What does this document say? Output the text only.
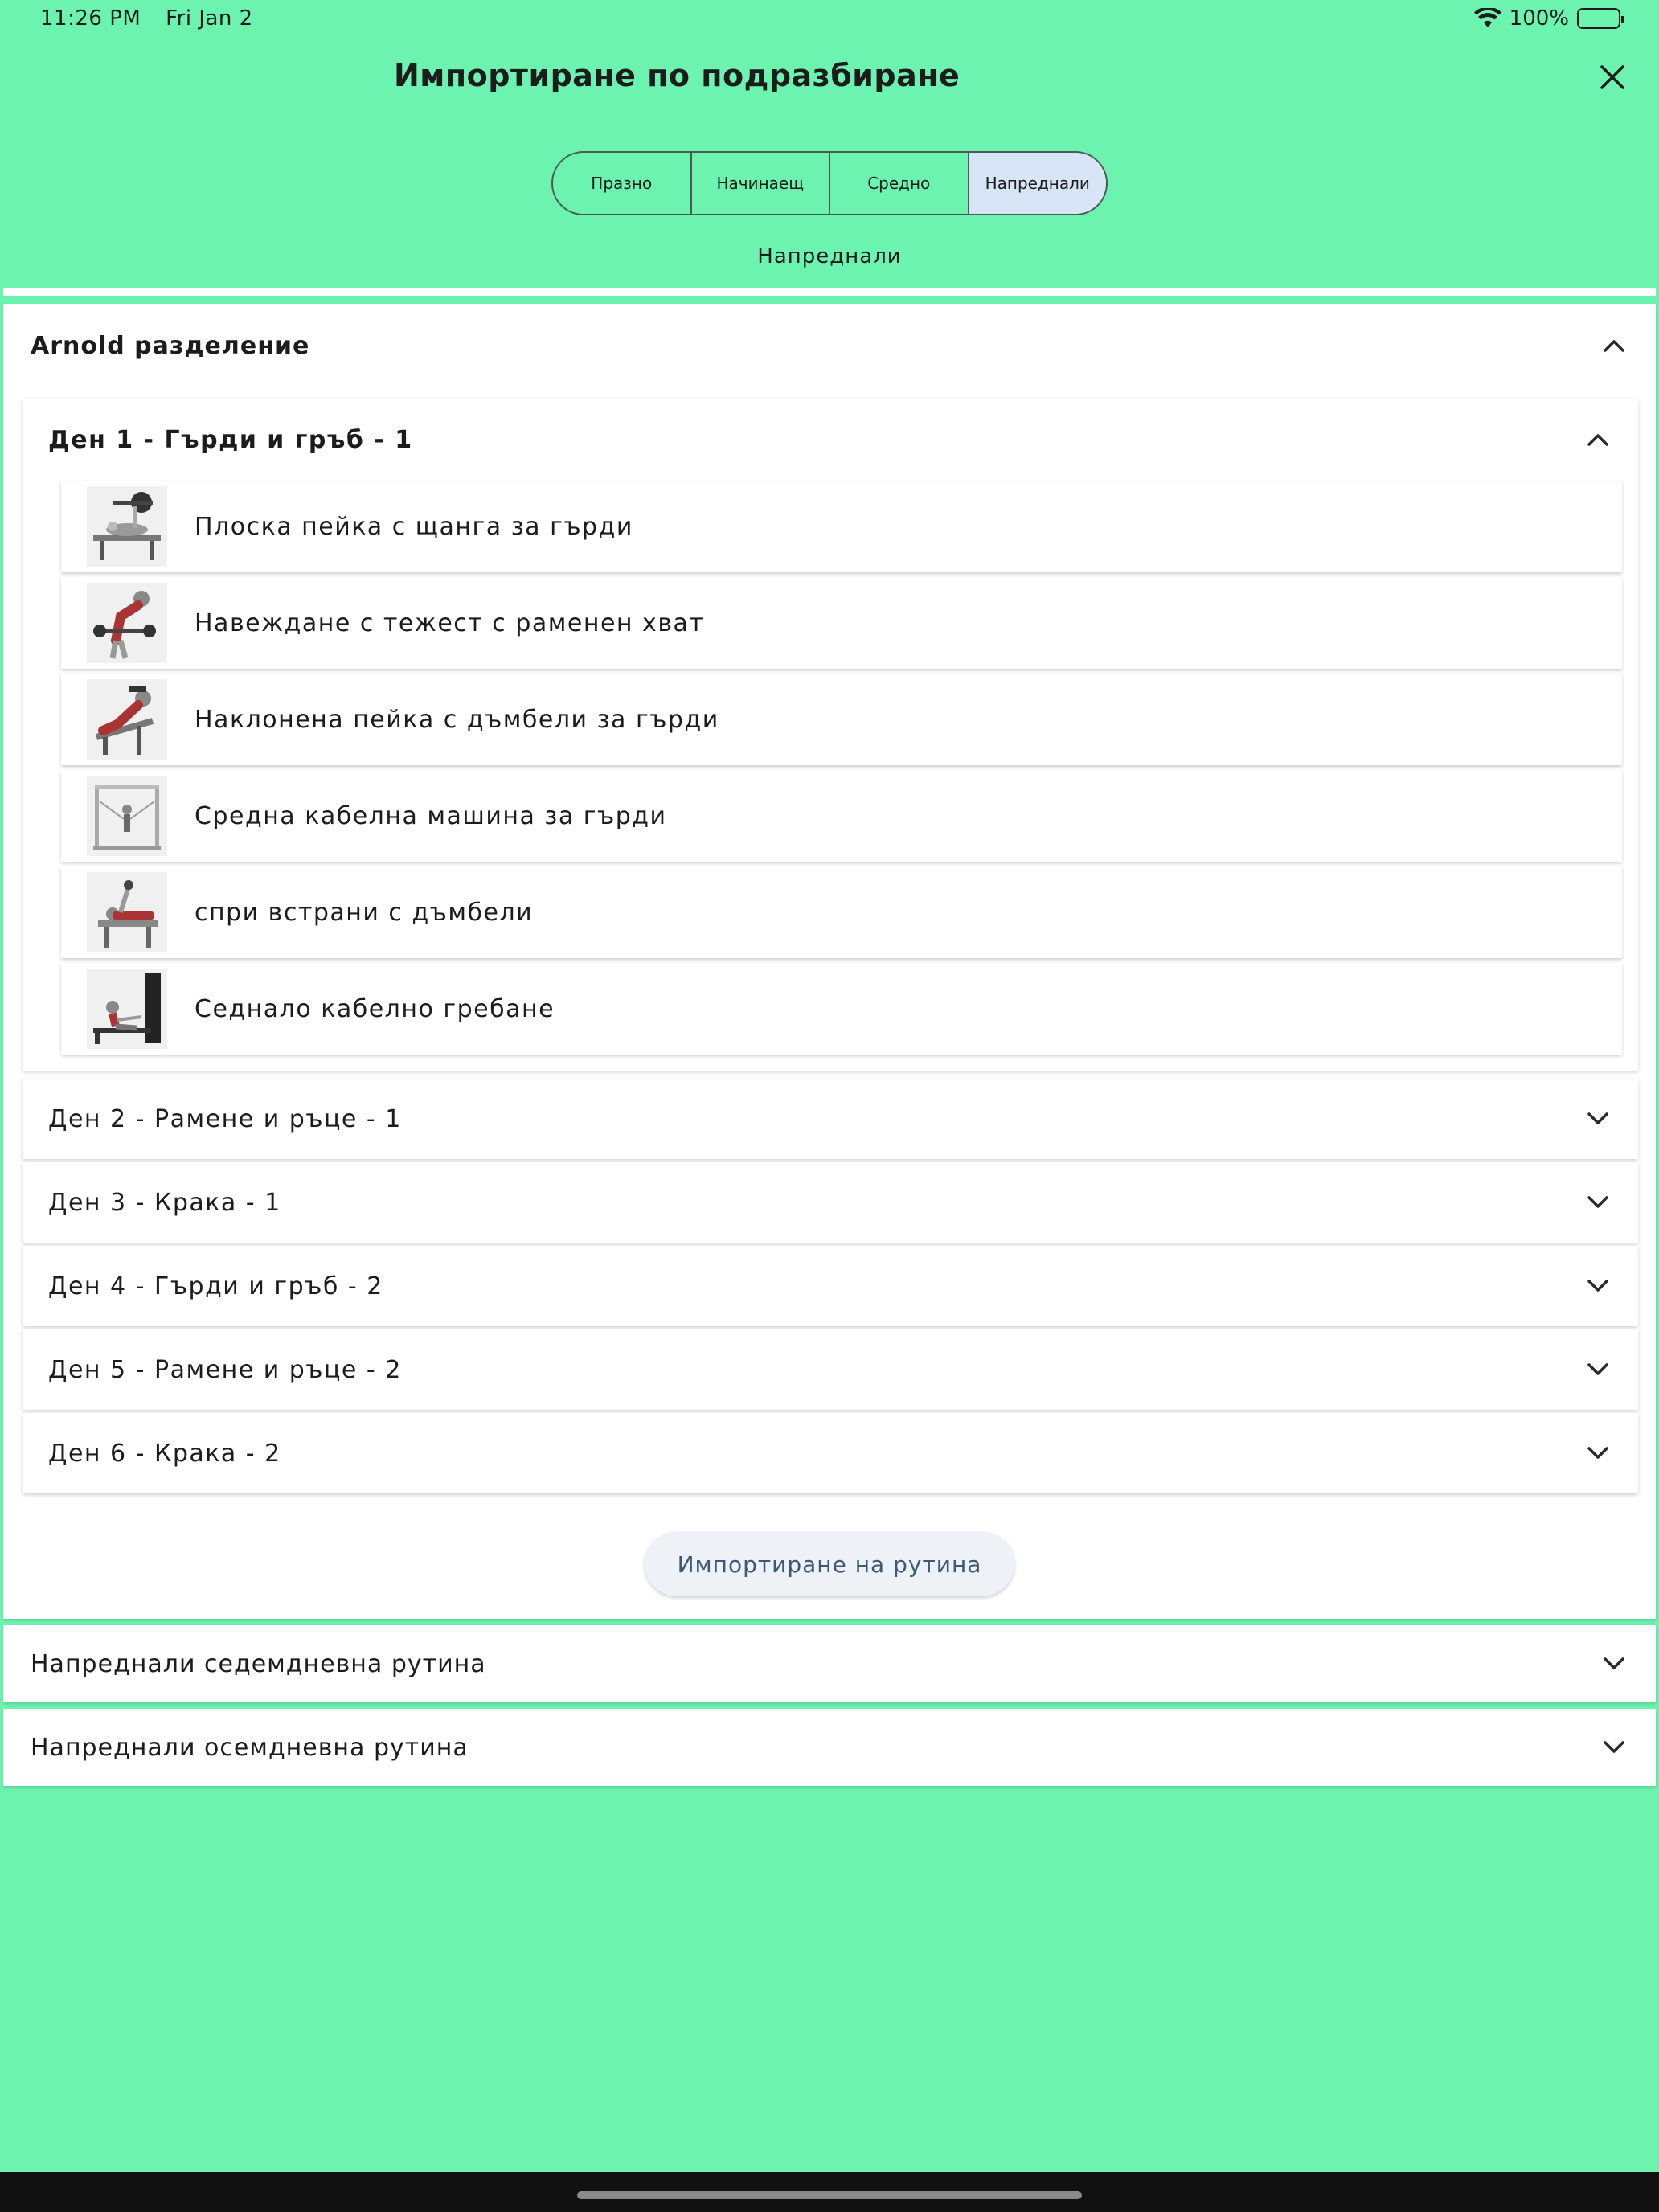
11:26 PM Fri Jan 2	100%
Импортиране по подразбиране
Празно	Начинаещ	Средно	Напреднали
Напреднали
Arnold разделение
Ден 1 - Гърди и гръб - 1
Плоска пейка с щанга за гърди
Навеждане с тежест с раменен хват
Наклонена пейка с дъмбели за гърди
Средна кабелна машина за гърди
спри встрани с дъмбели
Седнало кабелно гребане
Ден 2 - Рамене и ръце - 1
Ден 3 - Крака - 1
Ден 4 - Гърди и гръб - 2
Ден 5 - Рамене и ръце - 2
Ден 6 - Крака - 2
Импортиране на рутина
Напреднали седемдневна рутина
Напреднали осемдневна рутина
